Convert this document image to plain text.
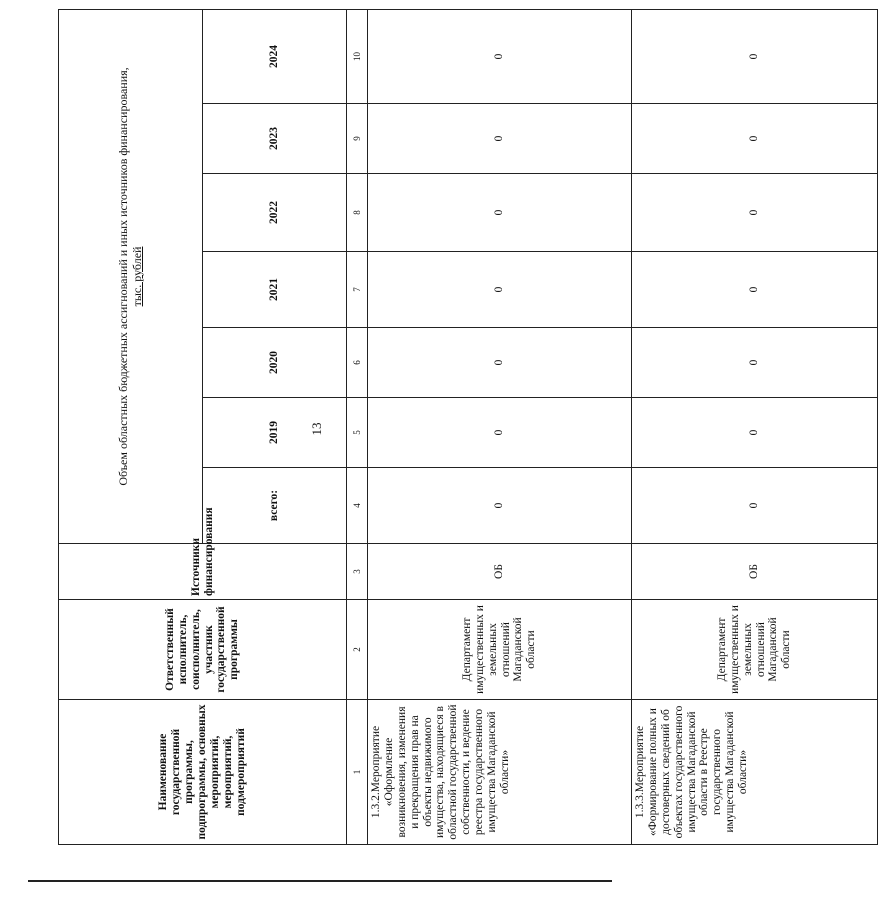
13
Наименование государственной программы, подпрограммы, основных мероприятий, мероприятий, подмероприятий	Ответственный исполнитель, соисполнитель, участник государственной программы	Источники финансирования	Объем областных бюджетных ассигнований и иных источников финансирования,
тыс. рублей						
			всего:	2019	2020	2021	2022	2023	2024
1	2	3	4	5	6	7	8	9	10
1.3.2.Мероприятие «Оформление возникновения, изменения и прекращения прав на объекты недвижимого имущества, находящиеся в областной государственной собственности, и ведение реестра государственного имущества Магаданской области»	Департамент имущественных и земельных отношений Магаданской области	ОБ	0	0	0	0	0	0	0
1.3.3.Мероприятие «Формирование полных и достоверных сведений об объектах государственного имущества Магаданской области в Реестре государственного имущества Магаданской области»	Департамент имущественных и земельных отношений Магаданской области	ОБ	0	0	0	0	0	0	0
